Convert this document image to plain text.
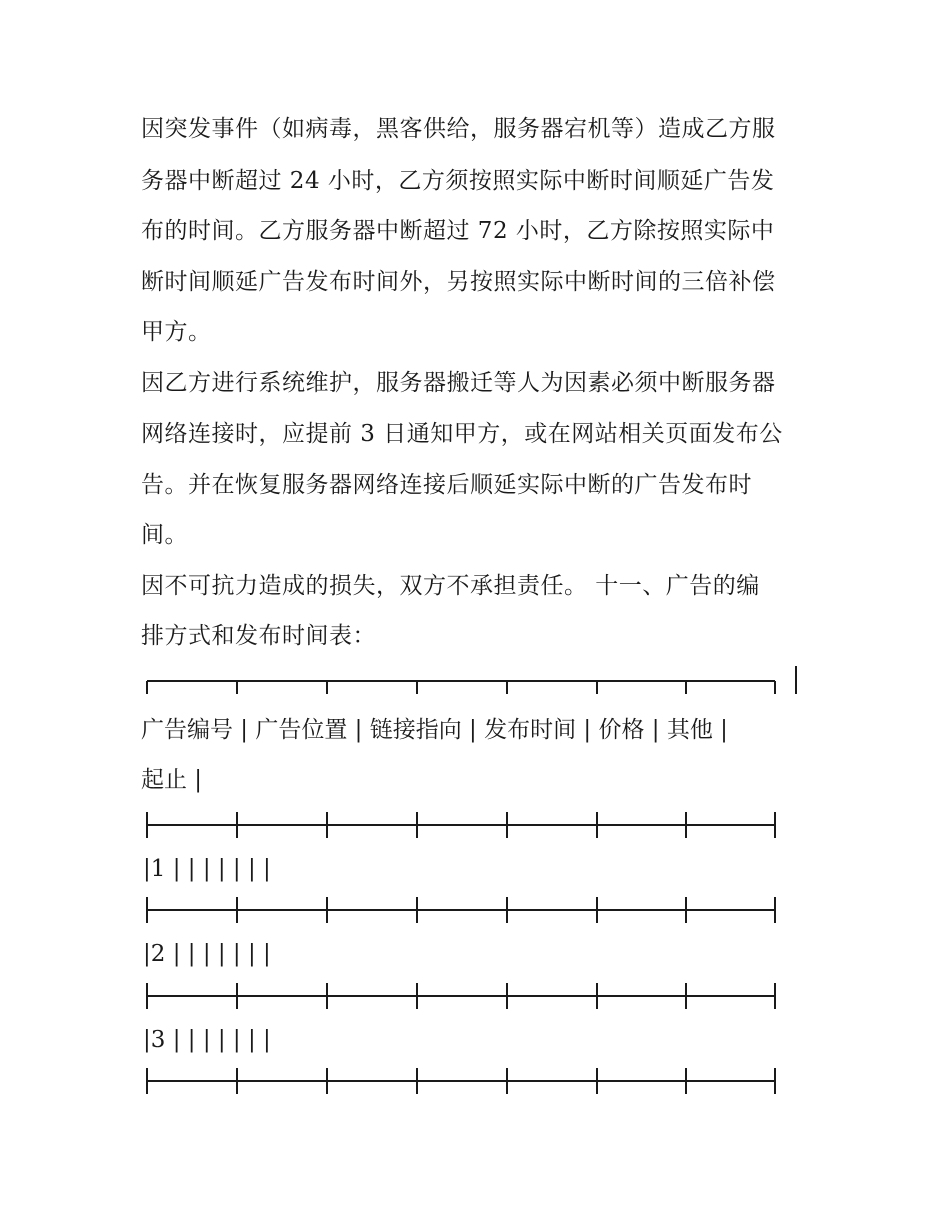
因突发事件（如病毒，黑客供给，服务器宕机等）造成乙方服
务器中断超过 24 小时，乙方须按照实际中断时间顺延广告发
布的时间。乙方服务器中断超过 72 小时，乙方除按照实际中
断时间顺延广告发布时间外，另按照实际中断时间的三倍补偿
甲方。
因乙方进行系统维护，服务器搬迁等人为因素必须中断服务器
网络连接时，应提前 3 日通知甲方，或在网站相关页面发布公
告。并在恢复服务器网络连接后顺延实际中断的广告发布时
间。
因不可抗力造成的损失，双方不承担责任。 十一、广告的编
排方式和发布时间表：
广告编号 | 广告位置 | 链接指向 | 发布时间 | 价格 | 其他 |
起止 |
|1 | | | | | | |
|2 | | | | | | |
|3 | | | | | | |
